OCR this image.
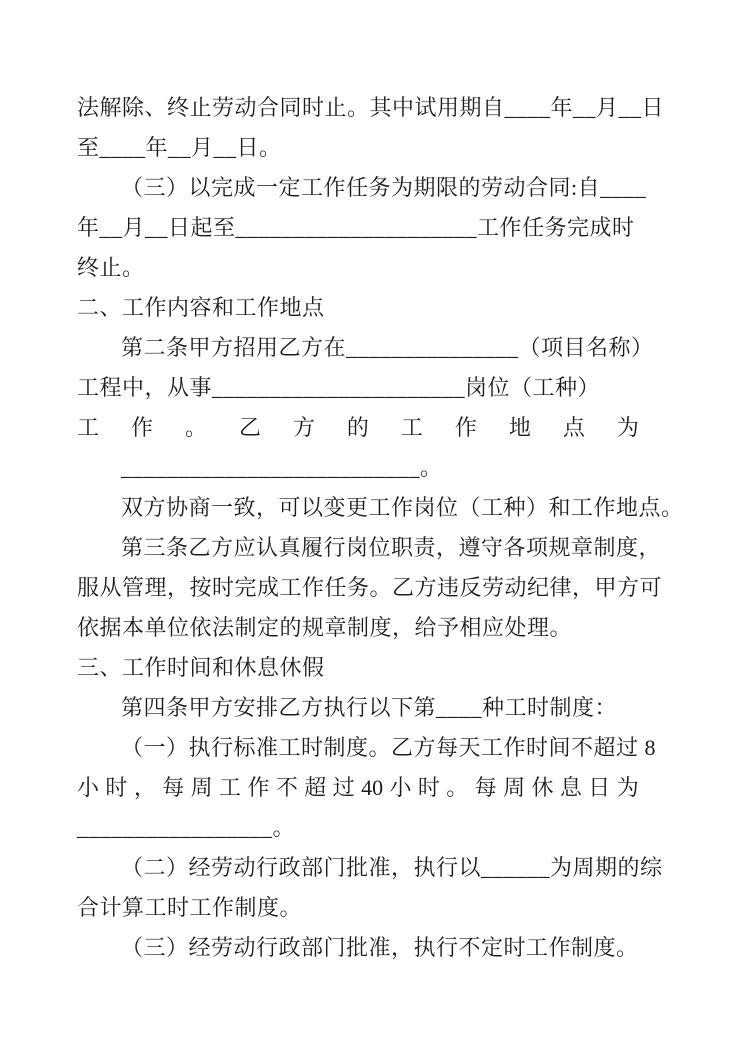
法解除、终止劳动合同时止。其中试用期自____年__月__日
至____年__月__日。
（三）以完成一定工作任务为期限的劳动合同:自____
年__月__日起至_____________________工作任务完成时
终止。
二、工作内容和工作地点
第二条甲方招用乙方在_______________（项目名称）
工程中，从事______________________岗位（工种）
工 作 。 乙 方 的 工 作 地 点 为
__________________________。
双方协商一致，可以变更工作岗位（工种）和工作地点。
第三条乙方应认真履行岗位职责，遵守各项规章制度，
服从管理，按时完成工作任务。乙方违反劳动纪律，甲方可
依据本单位依法制定的规章制度，给予相应处理。
三、工作时间和休息休假
第四条甲方安排乙方执行以下第____种工时制度：
（一）执行标准工时制度。乙方每天工作时间不超过 8
小 时 ， 每 周 工 作 不 超 过 40 小 时 。 每 周 休 息 日 为
_________________。
（二）经劳动行政部门批准，执行以______为周期的综
合计算工时工作制度。
（三）经劳动行政部门批准，执行不定时工作制度。
